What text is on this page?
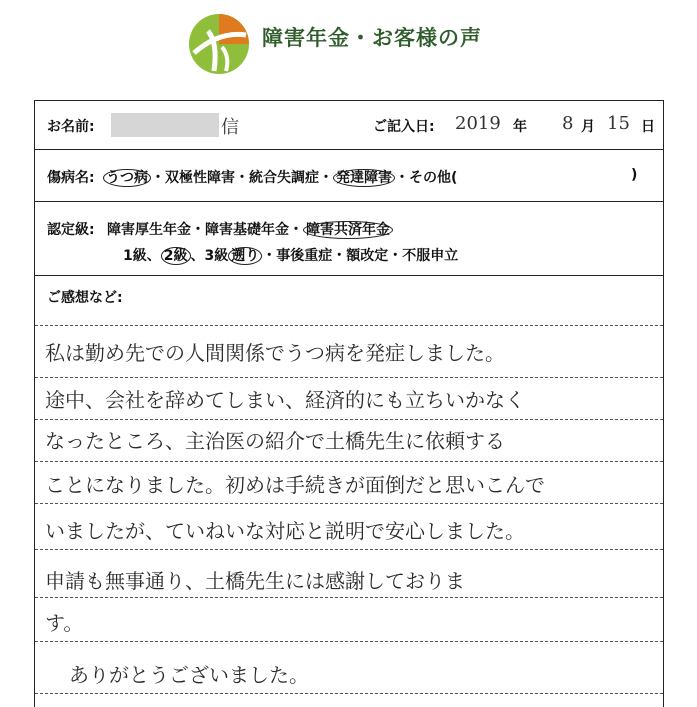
障害年金・お客様の声
お名前:	信	ご記入日: 2019 年 8 月 15 日
傷病名: うつ病 ・双極性障害・統合失調症・ 発達障害 ・その他(	)
認定級: 障害厚生年金・障害基礎年金・ 障害共済年金
1級、 2級 、3級 遡り ・事後重症・額改定・不服申立
ご感想など:
私は勤め先での人間関係でうつ病を発症しました。
途中、会社を辞めてしまい、経済的にも立ちいかなく
なったところ、主治医の紹介で土橋先生に依頼する
ことになりました。初めは手続きが面倒だと思いこんで
いましたが、ていねいな対応と説明で安心しました。
申請も無事通り、土橋先生には感謝しておりま
す。
ありがとうございました。
